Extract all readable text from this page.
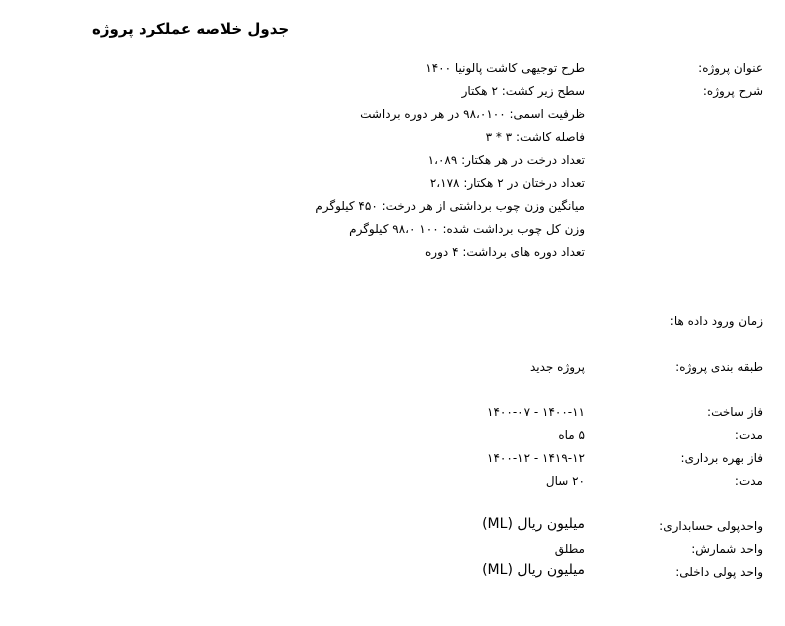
جدول خلاصه عملکرد پروژه
عنوان پروژه:
شرح پروژه:
طرح توجیهی کاشت پالونیا ۱۴۰۰
سطح زیر کشت: ۲ هکتار
ظرفیت اسمی: ۹۸،۰۱۰۰ در هر دوره برداشت
فاصله کاشت: ۳ * ۳
تعداد درخت در هر هکتار: ۱،۰۸۹
تعداد درختان در ۲ هکتار: ۲،۱۷۸
میانگین وزن چوب برداشتی از هر درخت: ۴۵۰ کیلوگرم
وزن کل چوب برداشت شده: ۱۰۰ ۹۸،۰ کیلوگرم
تعداد دوره های برداشت: ۴ دوره
زمان ورود داده ها:
طبقه بندی پروژه:
پروژه جدید
فاز ساخت:
۱۴۰۰-۰۷ - ۱۴۰۰-۱۱
مدت:
۵ ماه
فاز بهره برداری:
۱۴۰۰-۱۲ - ۱۴۱۹-۱۲
مدت:
۲۰ سال
واحدپولی حسابداری:
میلیون ریال (ML)
واحد شمارش:
مطلق
واحد پولی داخلی:
میلیون ریال (ML)
